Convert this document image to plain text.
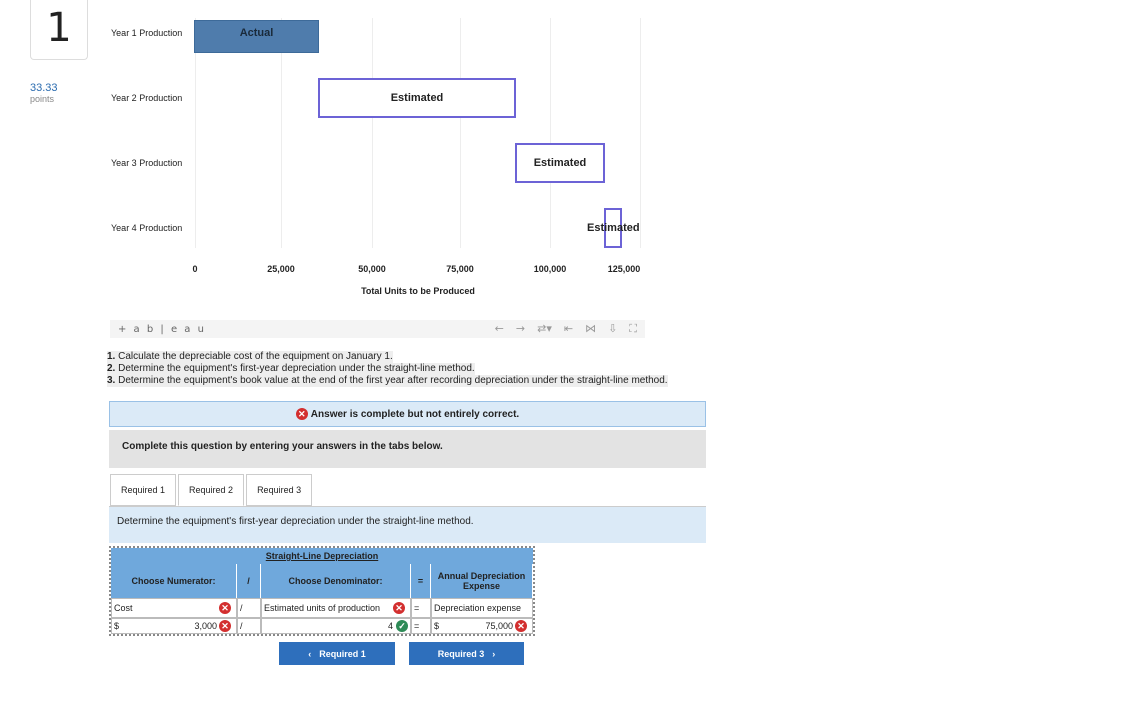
1
33.33
points
Year 1 Production
Year 2 Production
Year 3 Production
Year 4 Production
Actual
Estimated
Estimated
Estimated
0	25,000	50,000	75,000	100,000	125,000
Total Units to be Produced
+ a b | e a u	← → ⇄▾ ⇤ ⋈ ⇩ ⛶
1. Calculate the depreciable cost of the equipment on January 1.
2. Determine the equipment's first-year depreciation under the straight-line method.
3. Determine the equipment's book value at the end of the first year after recording depreciation under the straight-line method.
✕ Answer is complete but not entirely correct.
Complete this question by entering your answers in the tabs below.
Required 1	Required 2	Required 3
Determine the equipment's first-year depreciation under the straight-line method.
Straight-Line Depreciation
Choose Numerator:	/	Choose Denominator:	=	Annual Depreciation Expense
Cost	✕	/	Estimated units of production ✕	=	Depreciation expense
$	3,000 ✕	/	4 ✓ =	$	75,000 ✕
‹ Required 1	Required 3 ›
